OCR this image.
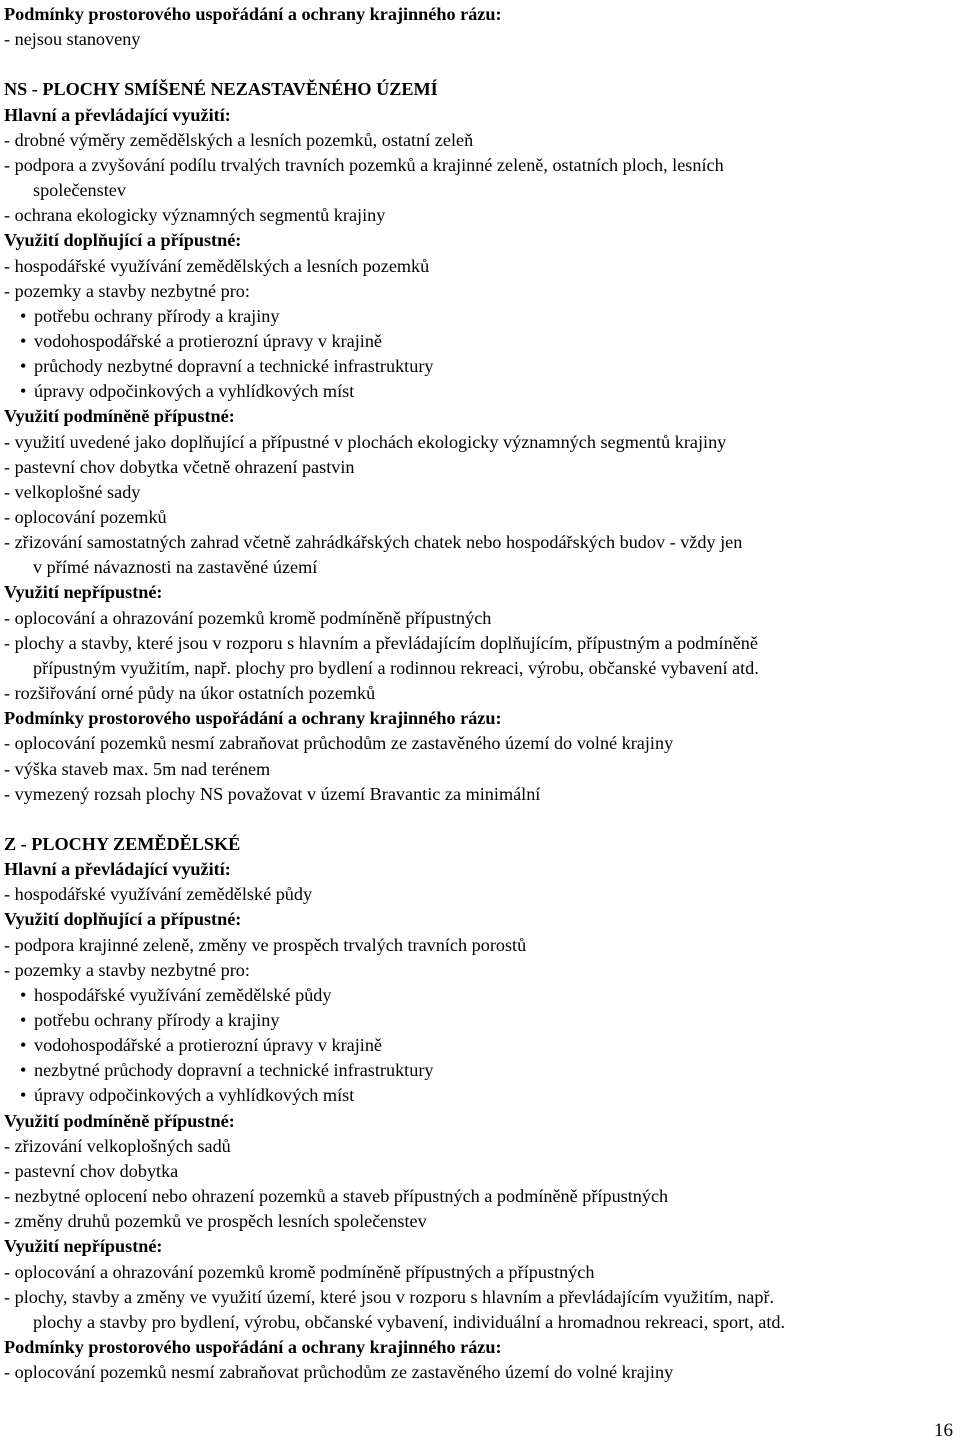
Podmínky prostorového uspořádání a ochrany krajinného rázu:
- nejsou stanoveny
NS - PLOCHY SMÍŠENÉ NEZASTAVĚNÉHO ÚZEMÍ
Hlavní a převládající využití:
- drobné výměry zemědělských a lesních pozemků, ostatní zeleň
- podpora a zvyšování podílu trvalých travních pozemků a krajinné zeleně, ostatních ploch, lesních
společenstev
- ochrana ekologicky významných segmentů krajiny
Využití doplňující a přípustné:
- hospodářské využívání zemědělských a lesních pozemků
- pozemky a stavby nezbytné pro:
• potřebu ochrany přírody a krajiny
• vodohospodářské a protierozní úpravy v krajině
• průchody nezbytné dopravní a technické infrastruktury
• úpravy odpočinkových a vyhlídkových míst
Využití podmíněně přípustné:
- využití uvedené jako doplňující a přípustné v plochách ekologicky významných segmentů krajiny
- pastevní chov dobytka včetně ohrazení pastvin
- velkoplošné sady
- oplocování pozemků
- zřizování samostatných zahrad včetně zahrádkářských chatek nebo hospodářských budov - vždy jen
v přímé návaznosti na zastavěné území
Využití nepřípustné:
- oplocování a ohrazování pozemků kromě podmíněně přípustných
- plochy a stavby, které jsou v rozporu s hlavním a převládajícím doplňujícím, přípustným a podmíněně
přípustným využitím, např. plochy pro bydlení a rodinnou rekreaci, výrobu, občanské vybavení atd.
- rozšiřování orné půdy na úkor ostatních pozemků
Podmínky prostorového uspořádání a ochrany krajinného rázu:
- oplocování pozemků nesmí zabraňovat průchodům ze zastavěného území do volné krajiny
- výška staveb max. 5m nad terénem
- vymezený rozsah plochy NS považovat v území Bravantic za minimální
Z - PLOCHY ZEMĚDĚLSKÉ
Hlavní a převládající využití:
- hospodářské využívání zemědělské půdy
Využití doplňující a přípustné:
- podpora krajinné zeleně, změny ve prospěch trvalých travních porostů
- pozemky a stavby nezbytné pro:
• hospodářské využívání zemědělské půdy
• potřebu ochrany přírody a krajiny
• vodohospodářské a protierozní úpravy v krajině
• nezbytné průchody dopravní a technické infrastruktury
• úpravy odpočinkových a vyhlídkových míst
Využití podmíněně přípustné:
- zřizování velkoplošných sadů
- pastevní chov dobytka
- nezbytné oplocení nebo ohrazení pozemků a staveb přípustných a podmíněně přípustných
- změny druhů pozemků ve prospěch lesních společenstev
Využití nepřípustné:
- oplocování a ohrazování pozemků kromě podmíněně přípustných a přípustných
- plochy, stavby a změny ve využití území, které jsou v rozporu s hlavním a převládajícím využitím, např.
plochy a stavby pro bydlení, výrobu, občanské vybavení, individuální a hromadnou rekreaci, sport, atd.
Podmínky prostorového uspořádání a ochrany krajinného rázu:
- oplocování pozemků nesmí zabraňovat průchodům ze zastavěného území do volné krajiny
16
